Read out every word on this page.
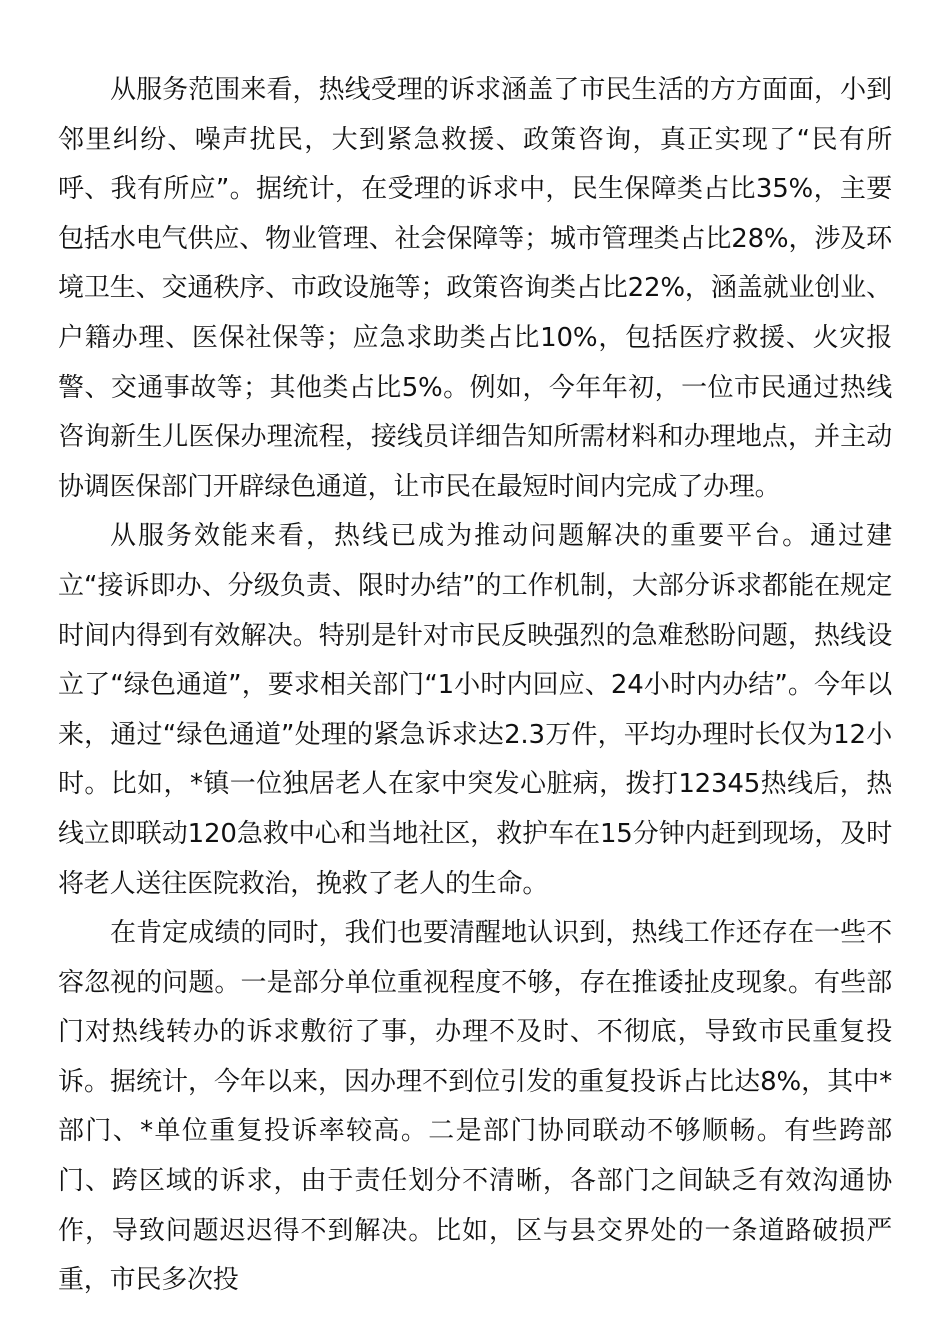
从服务范围来看，热线受理的诉求涵盖了市民生活的方方面面，小到邻里纠纷、噪声扰民，大到紧急救援、政策咨询，真正实现了“民有所呼、我有所应”。据统计，在受理的诉求中，民生保障类占比35%，主要包括水电气供应、物业管理、社会保障等；城市管理类占比28%，涉及环境卫生、交通秩序、市政设施等；政策咨询类占比22%，涵盖就业创业、户籍办理、医保社保等；应急求助类占比10%，包括医疗救援、火灾报警、交通事故等；其他类占比5%。例如，今年年初，一位市民通过热线咨询新生儿医保办理流程，接线员详细告知所需材料和办理地点，并主动协调医保部门开辟绿色通道，让市民在最短时间内完成了办理。

从服务效能来看，热线已成为推动问题解决的重要平台。通过建立“接诉即办、分级负责、限时办结”的工作机制，大部分诉求都能在规定时间内得到有效解决。特别是针对市民反映强烈的急难愁盼问题，热线设立了“绿色通道”，要求相关部门“1小时内回应、24小时内办结”。今年以来，通过“绿色通道”处理的紧急诉求达2.3万件，平均办理时长仅为12小时。比如，*镇一位独居老人在家中突发心脏病，拨打12345热线后，热线立即联动120急救中心和当地社区，救护车在15分钟内赶到现场，及时将老人送往医院救治，挽救了老人的生命。

在肯定成绩的同时，我们也要清醒地认识到，热线工作还存在一些不容忽视的问题。一是部分单位重视程度不够，存在推诿扯皮现象。有些部门对热线转办的诉求敷衍了事，办理不及时、不彻底，导致市民重复投诉。据统计，今年以来，因办理不到位引发的重复投诉占比达8%，其中*部门、*单位重复投诉率较高。二是部门协同联动不够顺畅。有些跨部门、跨区域的诉求，由于责任划分不清晰，各部门之间缺乏有效沟通协作，导致问题迟迟得不到解决。比如，区与县交界处的一条道路破损严重，市民多次投
